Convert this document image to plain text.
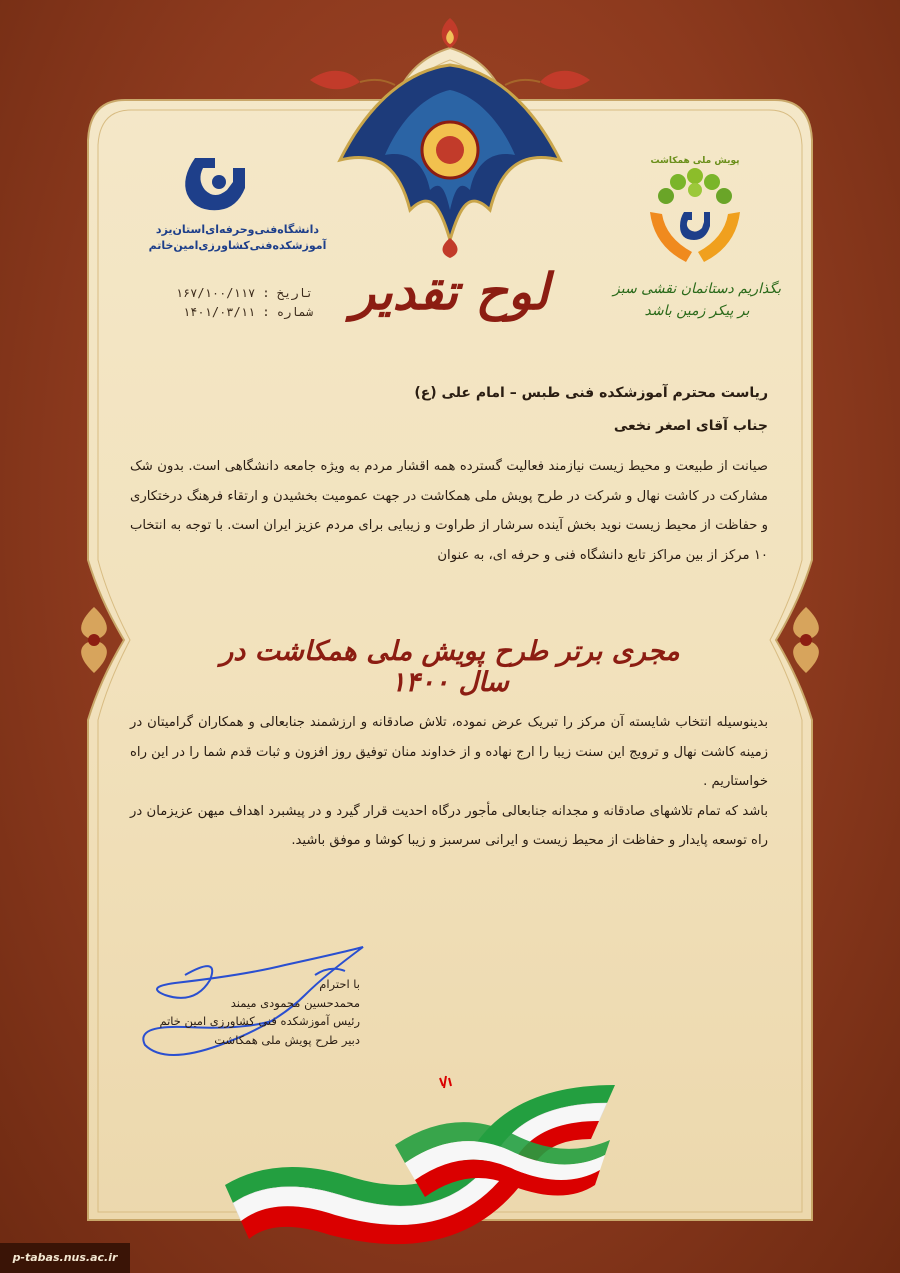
دانشگاه‌فنی‌و‌حرفه‌ای‌استان‌یزد
آموزشکده‌فنی‌کشاورزی‌امین‌خاتم
تاریخ : ۱۶۷/۱۰۰/۱۱۷
شماره : ۱۴۰۱/۰۳/۱۱ لوح تقدیر
پویش ملی همکاشت
بگذاریم دستانمان نقشی سبز
بر پیکر زمین باشد
ریاست محترم آموزشکده فنی طبس – امام علی (ع)
جناب آقای اصغر نخعی
صیانت از طبیعت و محیط زیست نیازمند فعالیت گسترده همه اقشار مردم به ویژه جامعه دانشگاهی است. بدون شک مشارکت در کاشت نهال و شرکت در طرح پویش ملی همکاشت در جهت عمومیت بخشیدن و ارتقاء فرهنگ درختکاری و حفاظت از محیط زیست نوید بخش آینده سرشار از طراوت و زیبایی برای مردم عزیز ایران است. با توجه به انتخاب ۱۰ مرکز از بین مراکز تابع دانشگاه فنی و حرفه ای، به عنوان
مجری برتر طرح پویش ملی همکاشت در سال ۱۴۰۰
بدینوسیله انتخاب شایسته آن مرکز را تبریک عرض نموده، تلاش صادقانه و ارزشمند جنابعالی و همکاران گرامیتان در زمینه کاشت نهال و ترویج این سنت زیبا را ارج نهاده و از خداوند منان توفیق روز افزون و ثبات قدم شما را در این راه خواستاریم .
باشد که تمام تلاشهای صادقانه و مجدانه جنابعالی مأجور درگاه احدیت قرار گیرد و در پیشبرد اهداف میهن عزیزمان در راه توسعه پایدار و حفاظت از محیط زیست و ایرانی سرسبز و زیبا کوشا و موفق باشید.
با احترام
محمدحسین محمودی میمند
رئیس آموزشکده فنی کشاورزی امین خاتم
دبیر طرح پویش ملی همکاشت
p-tabas.nus.ac.ir
